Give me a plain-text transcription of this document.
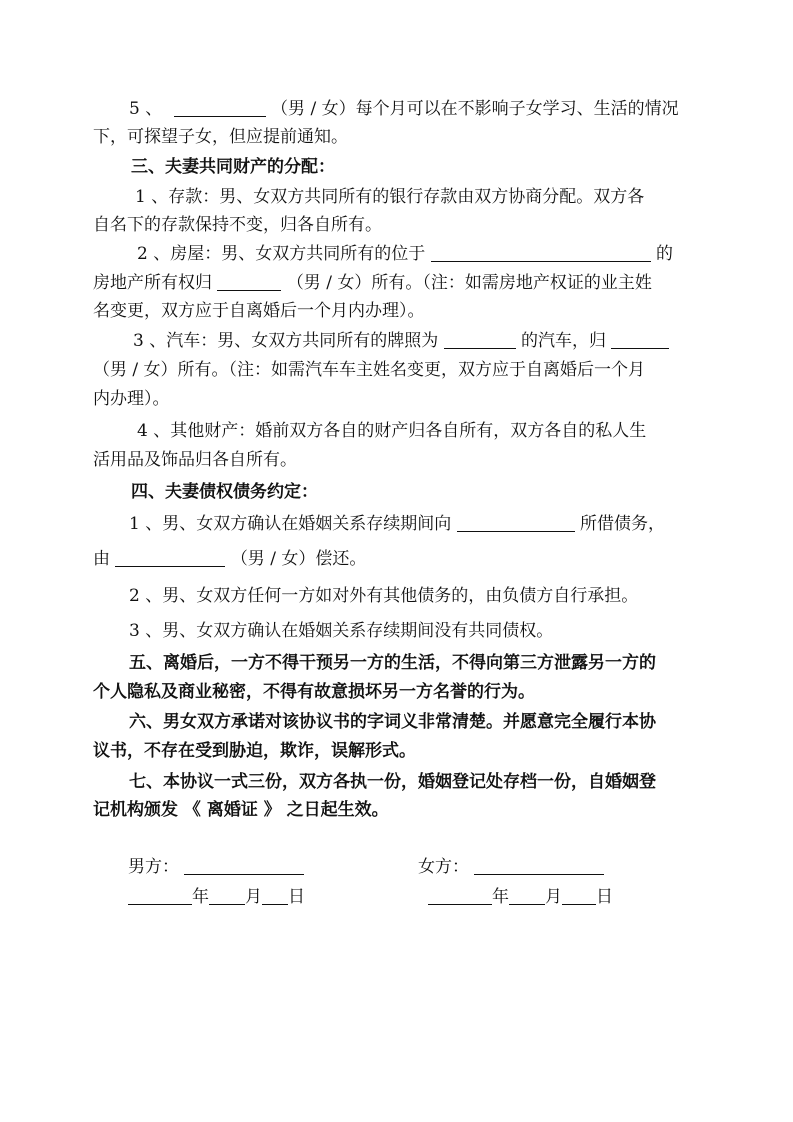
5 、	（男 / 女）每个月可以在不影响子女学习、生活的情况
下，可探望子女，但应提前通知。
三、夫妻共同财产的分配：
1 、存款：男、女双方共同所有的银行存款由双方协商分配。双方各
自名下的存款保持不变，归各自所有。
2 、房屋：男、女双方共同所有的位于	的
房地产所有权归	（男 / 女）所有。（注：如需房地产权证的业主姓
名变更，双方应于自离婚后一个月内办理）。
3 、汽车：男、女双方共同所有的牌照为	的汽车，归
（男 / 女）所有。（注：如需汽车车主姓名变更，双方应于自离婚后一个月
内办理）。
4 、其他财产：婚前双方各自的财产归各自所有，双方各自的私人生
活用品及饰品归各自所有。
四、夫妻债权债务约定：
1 、男、女双方确认在婚姻关系存续期间向	所借债务，
由	（男 / 女）偿还。
2 、男、女双方任何一方如对外有其他债务的，由负债方自行承担。
3 、男、女双方确认在婚姻关系存续期间没有共同债权。
五、离婚后，一方不得干预另一方的生活，不得向第三方泄露另一方的
个人隐私及商业秘密，不得有故意损坏另一方名誉的行为。
六、男女双方承诺对该协议书的字词义非常清楚。并愿意完全履行本协
议书，不存在受到胁迫，欺诈，误解形式。
七、本协议一式三份，双方各执一份，婚姻登记处存档一份，自婚姻登
记机构颁发 《 离婚证 》 之日起生效。
男方：	女方：
年 月 日	年 月 日
